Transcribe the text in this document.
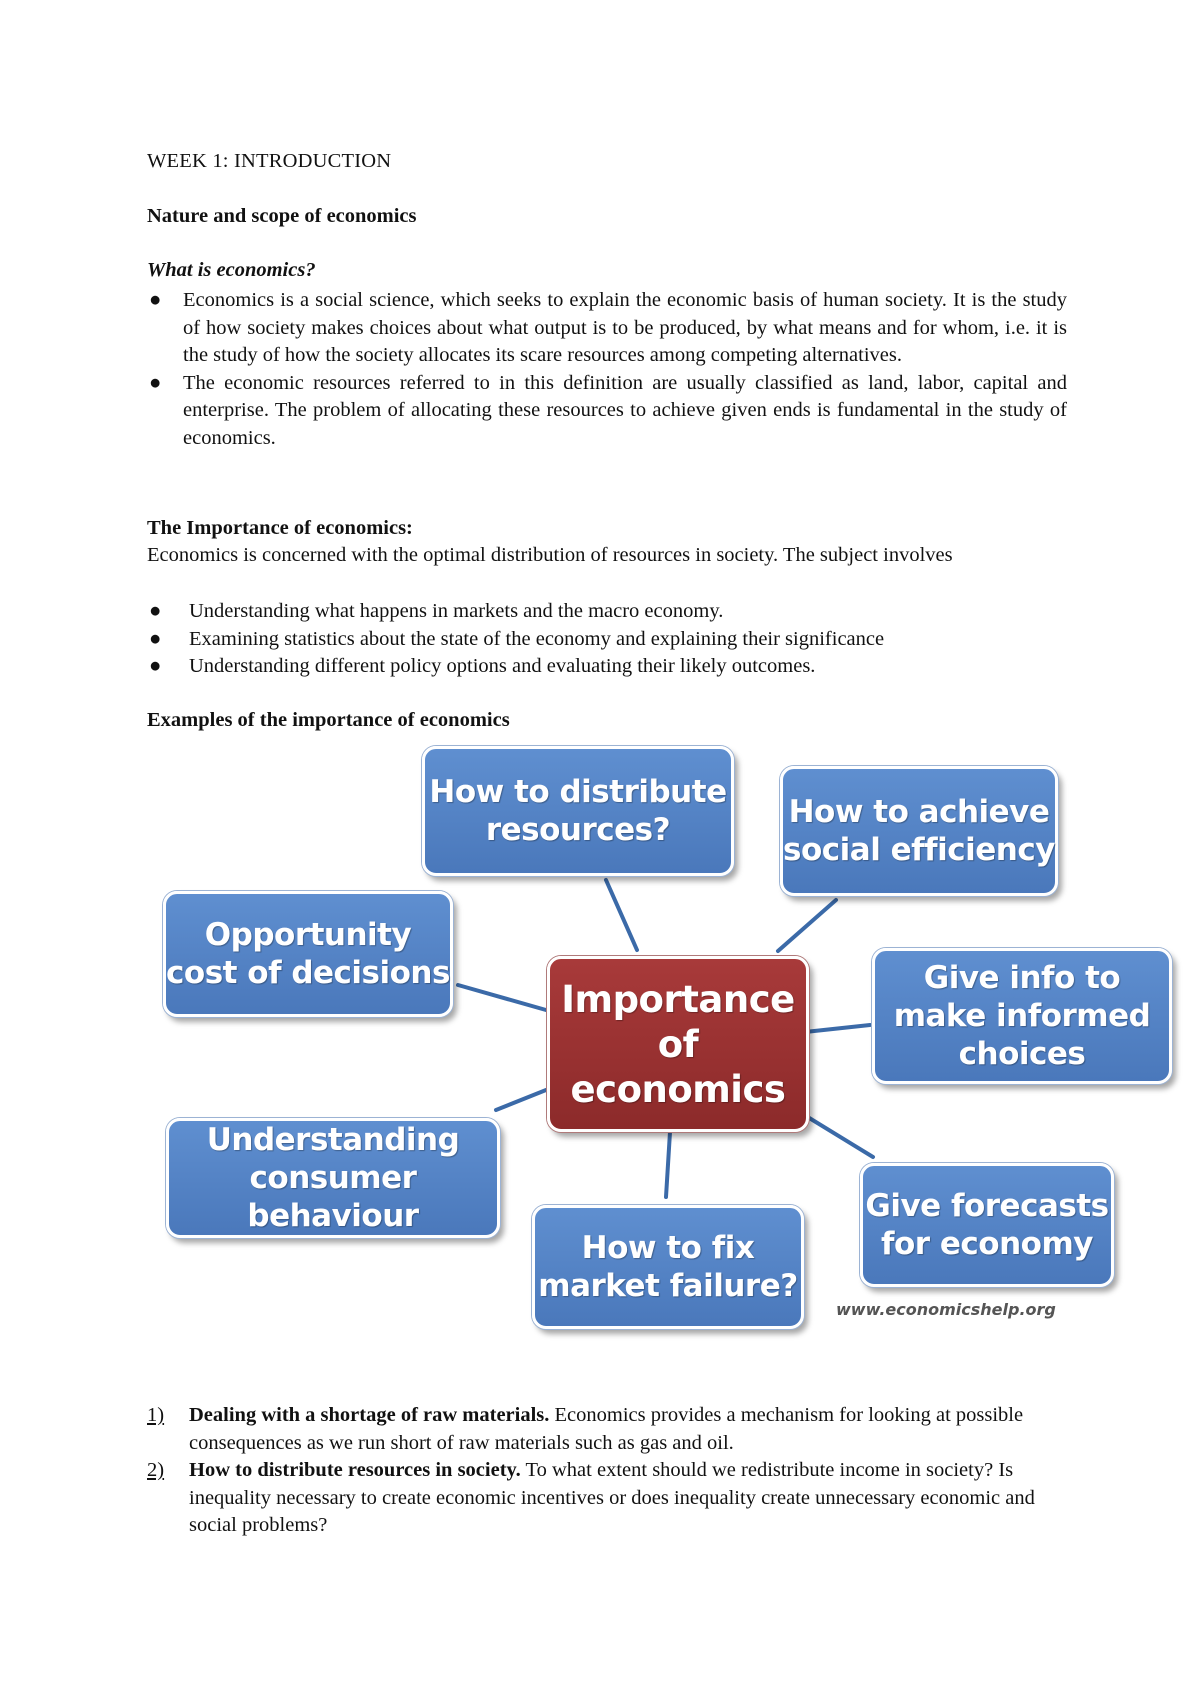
WEEK 1: INTRODUCTION
Nature and scope of economics
What is economics?
● Economics is a social science, which seeks to explain the economic basis of human society. It is the study of how society makes choices about what output is to be produced, by what means and for whom, i.e. it is the study of how the society allocates its scare resources among competing alternatives.
● The economic resources referred to in this definition are usually classified as land, labor, capital and enterprise. The problem of allocating these resources to achieve given ends is fundamental in the study of economics.
The Importance of economics:
Economics is concerned with the optimal distribution of resources in society. The subject involves
● Understanding what happens in markets and the macro economy.
● Examining statistics about the state of the economy and explaining their significance
● Understanding different policy options and evaluating their likely outcomes.
Examples of the importance of economics
1)	Dealing with a shortage of raw materials. Economics provides a mechanism for looking at possible consequences as we run short of raw materials such as gas and oil.
2)	How to distribute resources in society. To what extent should we redistribute income in society? Is inequality necessary to create economic incentives or does inequality create unnecessary economic and social problems?
How to distribute resources?	How to achieve social efficiency
Opportunity cost of decisions
Importance of economics
Give info to make informed choices
Understanding consumer behaviour	Give forecasts for economy
How to fix market failure?
www.economicshelp.org
